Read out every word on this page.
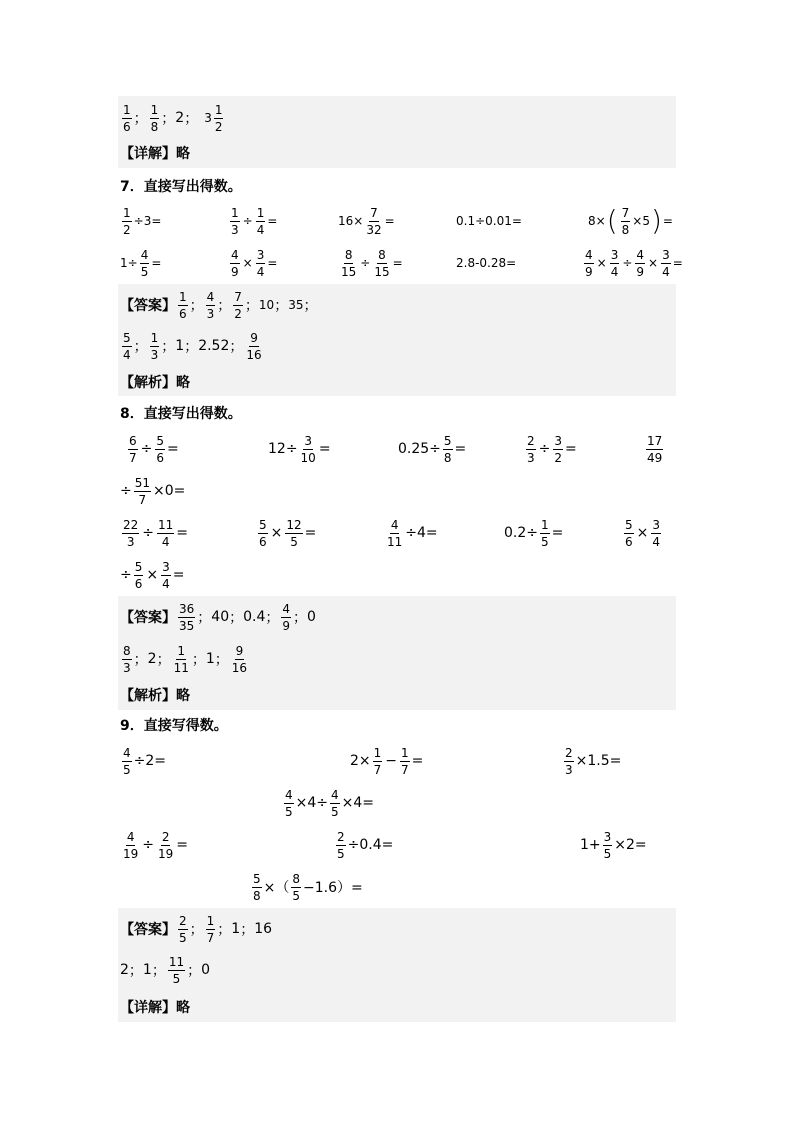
$\frac{1}{6}$ ； $\frac{1}{8}$ ； 2 ； $3 \frac{1}{2}$
【详解】 略
7．直接写出得数。
$\frac{1}{2} \div 3=$	$\frac{1}{3} \div \frac{1}{4}$ =	$16\times \frac{7}{32}$ =	0.1÷0.01=	8× ( $\frac{7}{8} \times 5$ ) =
$1\div \frac{4}{5}$ =	$\frac{4}{9} \times \frac{3}{4}$ =	$\frac{8}{15} \div \frac{8}{15}$ =	2.8-0.28=	$\frac{4}{9} \times \frac{3}{4} \div \frac{4}{9} \times \frac{3}{4}$ =
【答案】 $\frac{1}{6}$ ； $\frac{4}{3}$ ； $\frac{7}{2}$ ； 10 ； 35 ；
$\frac{5}{4}$ ； $\frac{1}{3}$ ； 1 ； 2.52 ； $\frac{9}{16}$
【解析】 略
8．直接写出得数。
$\frac{6}{7} \div \frac{5}{6}$ =	$12\div \frac{3}{10}$ =	$0.25\div \frac{5}{8}$ =	$\frac{2}{3} \div \frac{3}{2}$ =	$\frac{17}{49}$
÷ $\frac{51}{7} \times 0=$
$\frac{22}{3} \div \frac{11}{4}$ =	$\frac{5}{6} \times \frac{12}{5}$ =	$\frac{4}{11} \div 4=$	$0.2\div \frac{1}{5}$ =	$\frac{5}{6} \times \frac{3}{4}$
÷ $\frac{5}{6} \times \frac{3}{4}$ =
【答案】 $\frac{36}{35}$ ； 40 ； 0.4 ； $\frac{4}{9}$ ； 0
$\frac{8}{3}$ ； 2 ； $\frac{1}{11}$ ； 1 ； $\frac{9}{16}$
【解析】 略
9．直接写得数。
$\frac{4}{5} \div 2=$	$2\times \frac{1}{7} - \frac{1}{7}$ =	$\frac{2}{3} \times 1.5=$
$\frac{4}{5} \times 4\div \frac{4}{5} \times 4=$
$\frac{4}{19} \div \frac{2}{19}$ =	$\frac{2}{5} \div 0.4=$	$1+ \frac{3}{5} \times 2=$
$\frac{5}{8}$ ×（ $\frac{8}{5} -1.6)=$
【答案】 $\frac{2}{5}$ ； $\frac{1}{7}$ ； 1 ； 16
2 ； 1 ； $\frac{11}{5}$ ； 0
【详解】 略
